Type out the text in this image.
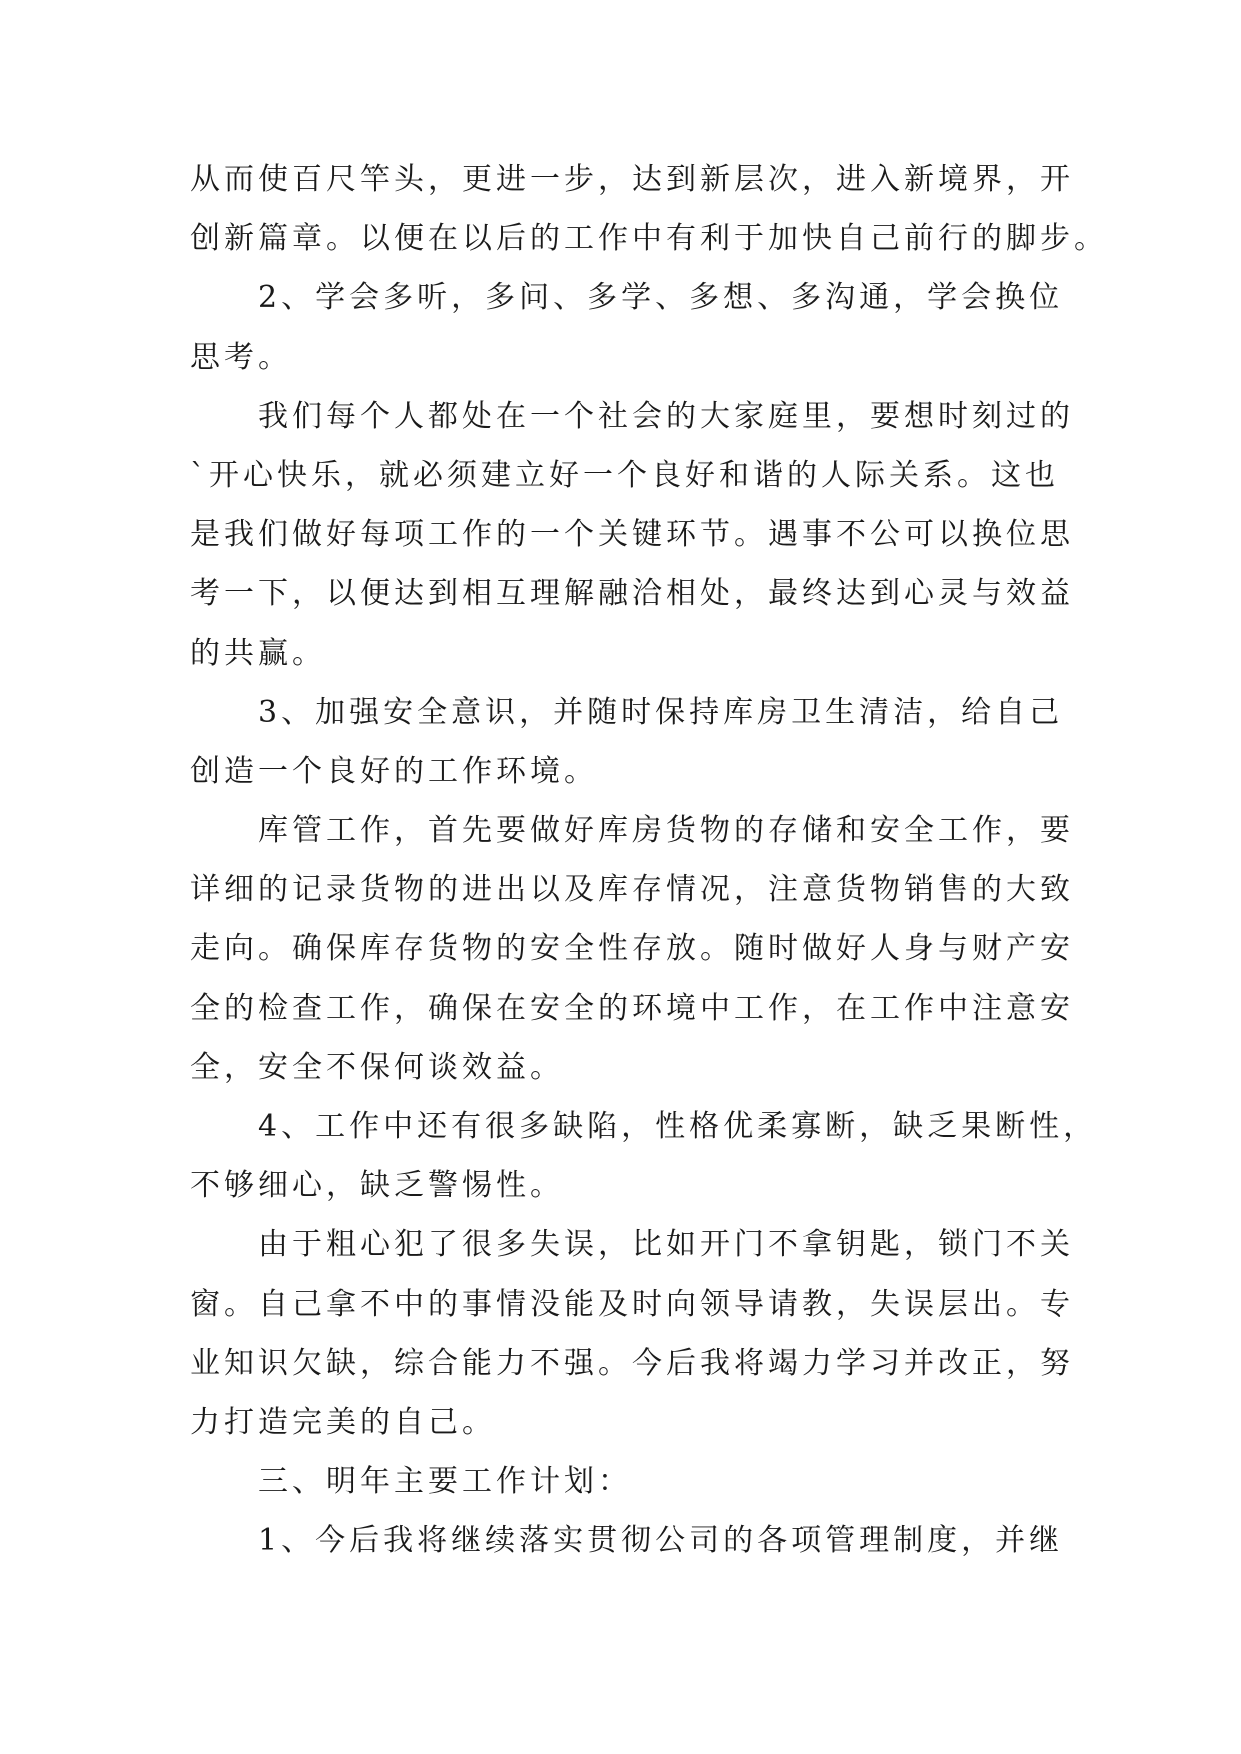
从而使百尺竿头，更进一步，达到新层次，进入新境界，开
创新篇章。以便在以后的工作中有利于加快自己前行的脚步。
2、学会多听，多问、多学、多想、多沟通，学会换位
思考。
我们每个人都处在一个社会的大家庭里，要想时刻过的
`开心快乐，就必须建立好一个良好和谐的人际关系。这也
是我们做好每项工作的一个关键环节。遇事不公可以换位思
考一下，以便达到相互理解融洽相处，最终达到心灵与效益
的共赢。
3、加强安全意识，并随时保持库房卫生清洁，给自己
创造一个良好的工作环境。
库管工作，首先要做好库房货物的存储和安全工作，要
详细的记录货物的进出以及库存情况，注意货物销售的大致
走向。确保库存货物的安全性存放。随时做好人身与财产安
全的检查工作，确保在安全的环境中工作，在工作中注意安
全，安全不保何谈效益。
4、工作中还有很多缺陷，性格优柔寡断，缺乏果断性，
不够细心，缺乏警惕性。
由于粗心犯了很多失误，比如开门不拿钥匙，锁门不关
窗。自己拿不中的事情没能及时向领导请教，失误层出。专
业知识欠缺，综合能力不强。今后我将竭力学习并改正，努
力打造完美的自己。
三、明年主要工作计划：
1、今后我将继续落实贯彻公司的各项管理制度，并继
